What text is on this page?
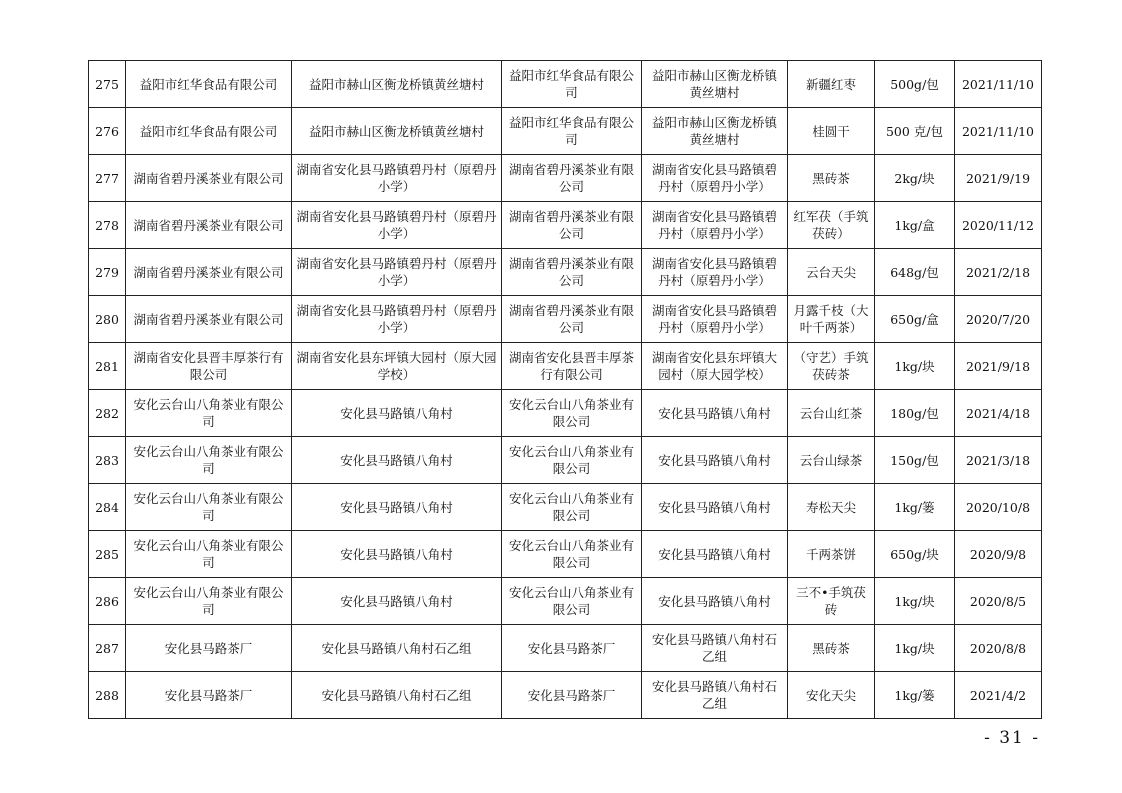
275	益阳市红华食品有限公司	益阳市赫山区衡龙桥镇黄丝塘村	益阳市红华食品有限公司	益阳市赫山区衡龙桥镇黄丝塘村	新疆红枣	500g/包	2021/11/10
276	益阳市红华食品有限公司	益阳市赫山区衡龙桥镇黄丝塘村	益阳市红华食品有限公司	益阳市赫山区衡龙桥镇黄丝塘村	桂圆干	500 克/包	2021/11/10
277	湖南省碧丹溪茶业有限公司	湖南省安化县马路镇碧丹村（原碧丹小学）	湖南省碧丹溪茶业有限公司	湖南省安化县马路镇碧丹村（原碧丹小学）	黑砖茶	2kg/块	2021/9/19
278	湖南省碧丹溪茶业有限公司	湖南省安化县马路镇碧丹村（原碧丹小学）	湖南省碧丹溪茶业有限公司	湖南省安化县马路镇碧丹村（原碧丹小学）	红军茯（手筑茯砖）	1kg/盒	2020/11/12
279	湖南省碧丹溪茶业有限公司	湖南省安化县马路镇碧丹村（原碧丹小学）	湖南省碧丹溪茶业有限公司	湖南省安化县马路镇碧丹村（原碧丹小学）	云台天尖	648g/包	2021/2/18
280	湖南省碧丹溪茶业有限公司	湖南省安化县马路镇碧丹村（原碧丹小学）	湖南省碧丹溪茶业有限公司	湖南省安化县马路镇碧丹村（原碧丹小学）	月露千枝（大叶千两茶）	650g/盒	2020/7/20
281	湖南省安化县晋丰厚茶行有限公司	湖南省安化县东坪镇大园村（原大园学校）	湖南省安化县晋丰厚茶行有限公司	湖南省安化县东坪镇大园村（原大园学校）	（守艺）手筑茯砖茶	1kg/块	2021/9/18
282	安化云台山八角茶业有限公司	安化县马路镇八角村	安化云台山八角茶业有限公司	安化县马路镇八角村	云台山红茶	180g/包	2021/4/18
283	安化云台山八角茶业有限公司	安化县马路镇八角村	安化云台山八角茶业有限公司	安化县马路镇八角村	云台山绿茶	150g/包	2021/3/18
284	安化云台山八角茶业有限公司	安化县马路镇八角村	安化云台山八角茶业有限公司	安化县马路镇八角村	寿松天尖	1kg/篓	2020/10/8
285	安化云台山八角茶业有限公司	安化县马路镇八角村	安化云台山八角茶业有限公司	安化县马路镇八角村	千两茶饼	650g/块	2020/9/8
286	安化云台山八角茶业有限公司	安化县马路镇八角村	安化云台山八角茶业有限公司	安化县马路镇八角村	三不•手筑茯砖	1kg/块	2020/8/5
287	安化县马路茶厂	安化县马路镇八角村石乙组	安化县马路茶厂	安化县马路镇八角村石乙组	黑砖茶	1kg/块	2020/8/8
288	安化县马路茶厂	安化县马路镇八角村石乙组	安化县马路茶厂	安化县马路镇八角村石乙组	安化天尖	1kg/篓	2021/4/2
- 31 -
